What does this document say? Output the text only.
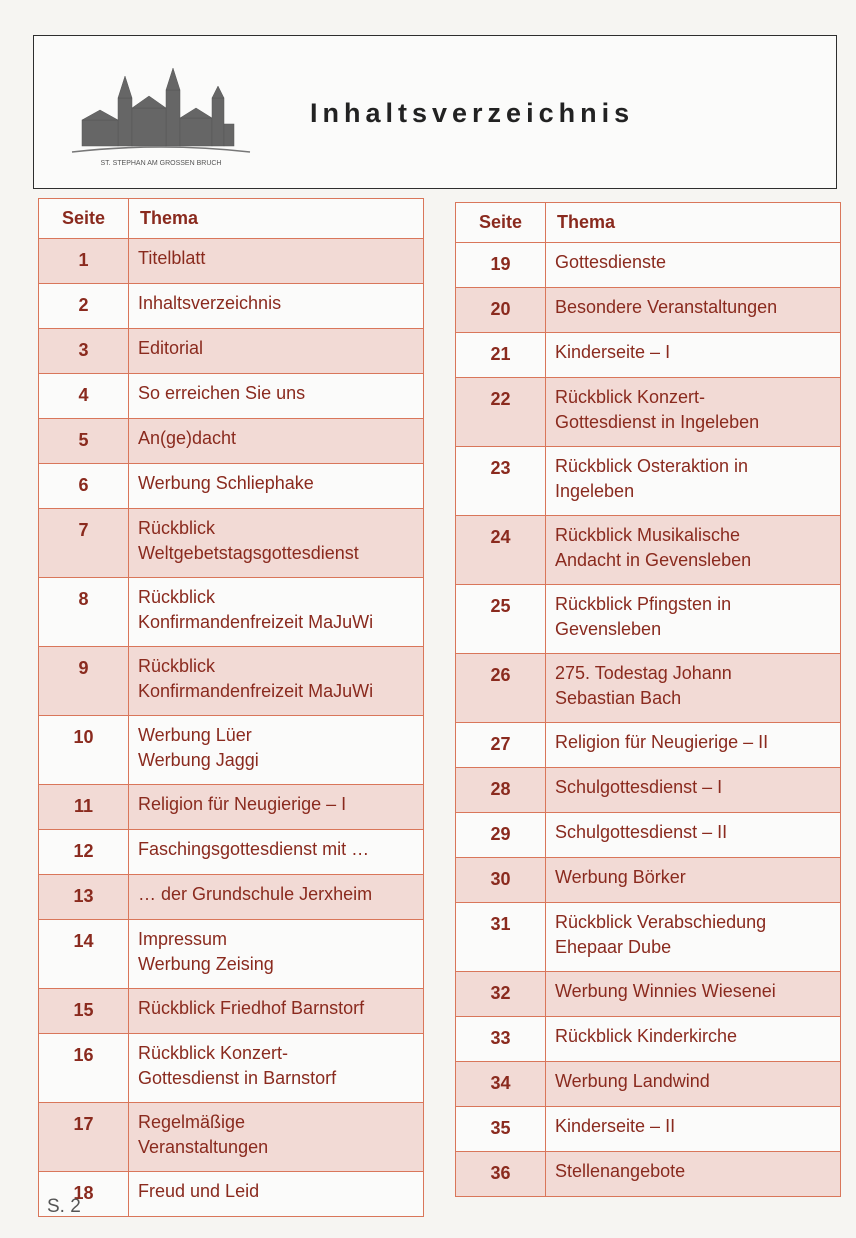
ST. STEPHAN AM GROSSEN BRUCH
Inhaltsverzeichnis
Seite	Thema
1	Titelblatt

2	Inhaltsverzeichnis

3	Editorial

4	So erreichen Sie uns

5	An(ge)dacht

6	Werbung Schliephake

7	Rückblick
Weltgebetstagsgottesdienst

8	Rückblick
Konfirmandenfreizeit MaJuWi

9	Rückblick
Konfirmandenfreizeit MaJuWi

10	Werbung Lüer
Werbung Jaggi

11	Religion für Neugierige – I

12	Faschingsgottesdienst mit …

13	… der Grundschule Jerxheim

14	Impressum
Werbung Zeising

15	Rückblick Friedhof Barnstorf

16	Rückblick Konzert-
Gottesdienst in Barnstorf

17	Regelmäßige
Veranstaltungen

18	Freud und Leid
Seite	Thema
19	Gottesdienste

20	Besondere Veranstaltungen

21	Kinderseite – I

22	Rückblick Konzert-
Gottesdienst in Ingeleben

23	Rückblick Osteraktion in
Ingeleben

24	Rückblick Musikalische
Andacht in Gevensleben

25	Rückblick Pfingsten in
Gevensleben

26	275. Todestag Johann
Sebastian Bach

27	Religion für Neugierige – II

28	Schulgottesdienst – I

29	Schulgottesdienst – II

30	Werbung Börker

31	Rückblick Verabschiedung
Ehepaar Dube

32	Werbung Winnies Wiesenei

33	Rückblick Kinderkirche

34	Werbung Landwind

35	Kinderseite – II

36	Stellenangebote
S. 2
